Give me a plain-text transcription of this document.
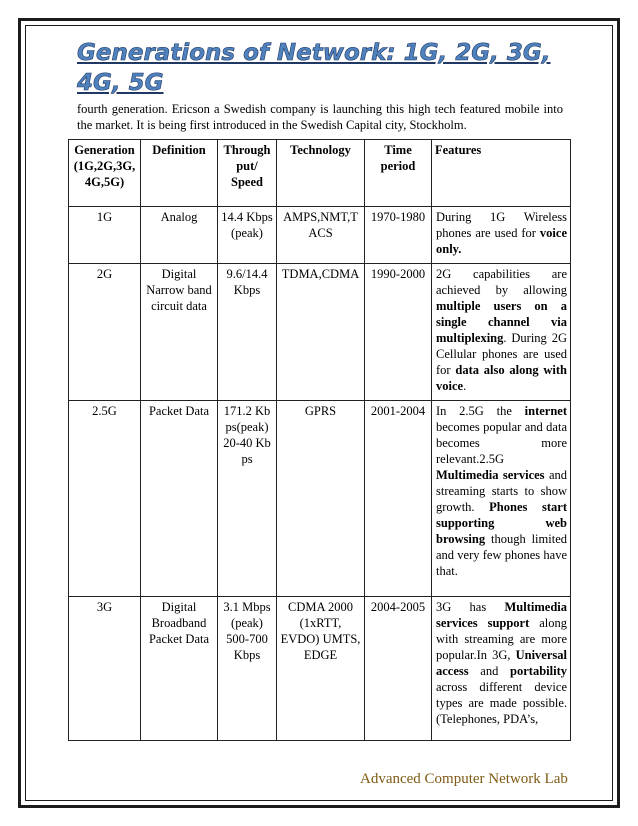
Generations of Network: 1G, 2G, 3G, 4G, 5G
fourth generation. Ericson a Swedish company is launching this high tech featured mobile into the market. It is being first introduced in the Swedish Capital city, Stockholm.
Generation (1G,2G,3G, 4G,5G)	Definition	Through put/ Speed	Technology	Time period	Features
1G	Analog	14.4 Kbps (peak)	AMPS,NMT,TACS	1970-1980	During 1G Wireless phones are used for voice only.
2G	Digital Narrow band circuit data	9.6/14.4 Kbps	TDMA,CDMA	1990-2000	2G capabilities are achieved by allowing multiple users on a single channel via multiplexing. During 2G Cellular phones are used for data also along with voice.
2.5G	Packet Data	171.2 Kbps(peak) 20-40 Kbps	GPRS	2001-2004	In 2.5G the internet becomes popular and data becomes more relevant.2.5G Multimedia services and streaming starts to show growth. Phones start supporting web browsing though limited and very few phones have that.
3G	Digital Broadband Packet Data	3.1 Mbps (peak) 500-700 Kbps	CDMA 2000 (1xRTT, EVDO) UMTS, EDGE	2004-2005	3G has Multimedia services support along with streaming are more popular.In 3G, Universal access and portability across different device types are made possible. (Telephones, PDA’s,
Advanced Computer Network Lab
